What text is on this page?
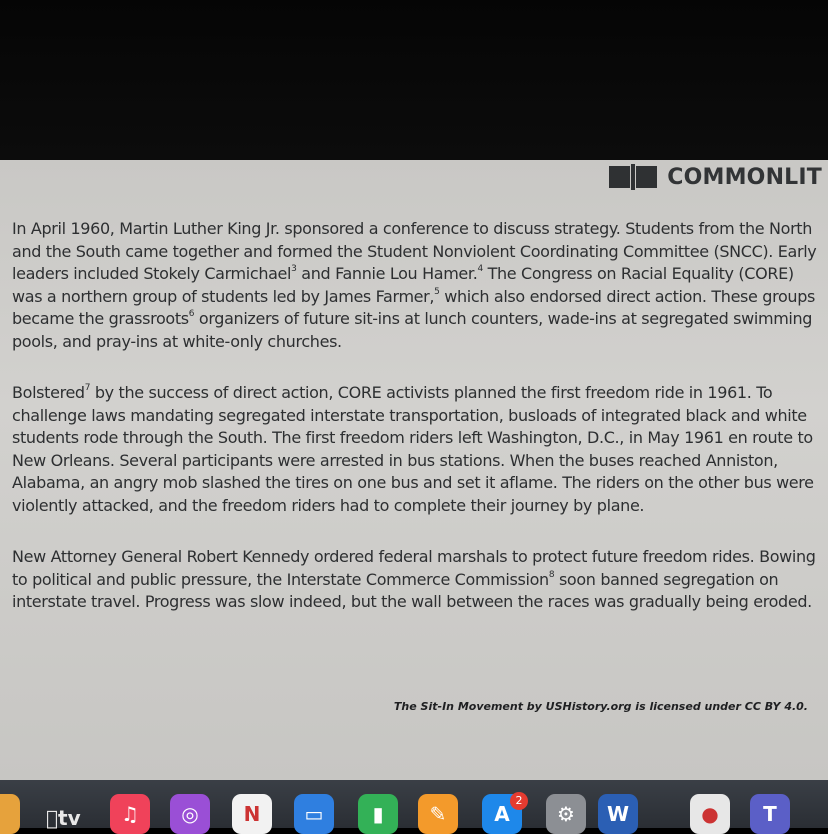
COMMONLIT
In April 1960, Martin Luther King Jr. sponsored a conference to discuss strategy. Students from the North and the South came together and formed the Student Nonviolent Coordinating Committee (SNCC). Early leaders included Stokely Carmichael$^3$ and Fannie Lou Hamer.$^4$ The Congress on Racial Equality (CORE) was a northern group of students led by James Farmer,$^5$ which also endorsed direct action. These groups became the grassroots$^6$ organizers of future sit-ins at lunch counters, wade-ins at segregated swimming pools, and pray-ins at white-only churches.
Bolstered$^7$ by the success of direct action, CORE activists planned the first freedom ride in 1961. To challenge laws mandating segregated interstate transportation, busloads of integrated black and white students rode through the South. The first freedom riders left Washington, D.C., in May 1961 en route to New Orleans. Several participants were arrested in bus stations. When the buses reached Anniston, Alabama, an angry mob slashed the tires on one bus and set it aflame. The riders on the other bus were violently attacked, and the freedom riders had to complete their journey by plane.
New Attorney General Robert Kennedy ordered federal marshals to protect future freedom rides. Bowing to political and public pressure, the Interstate Commerce Commission$^8$ soon banned segregation on interstate travel. Progress was slow indeed, but the wall between the races was gradually being eroded.
The Sit-In Movement by USHistory.org is licensed under CC BY 4.0.
tv	♫	◎	N	▭	▮	✎	A	⚙	W	●	T
2
